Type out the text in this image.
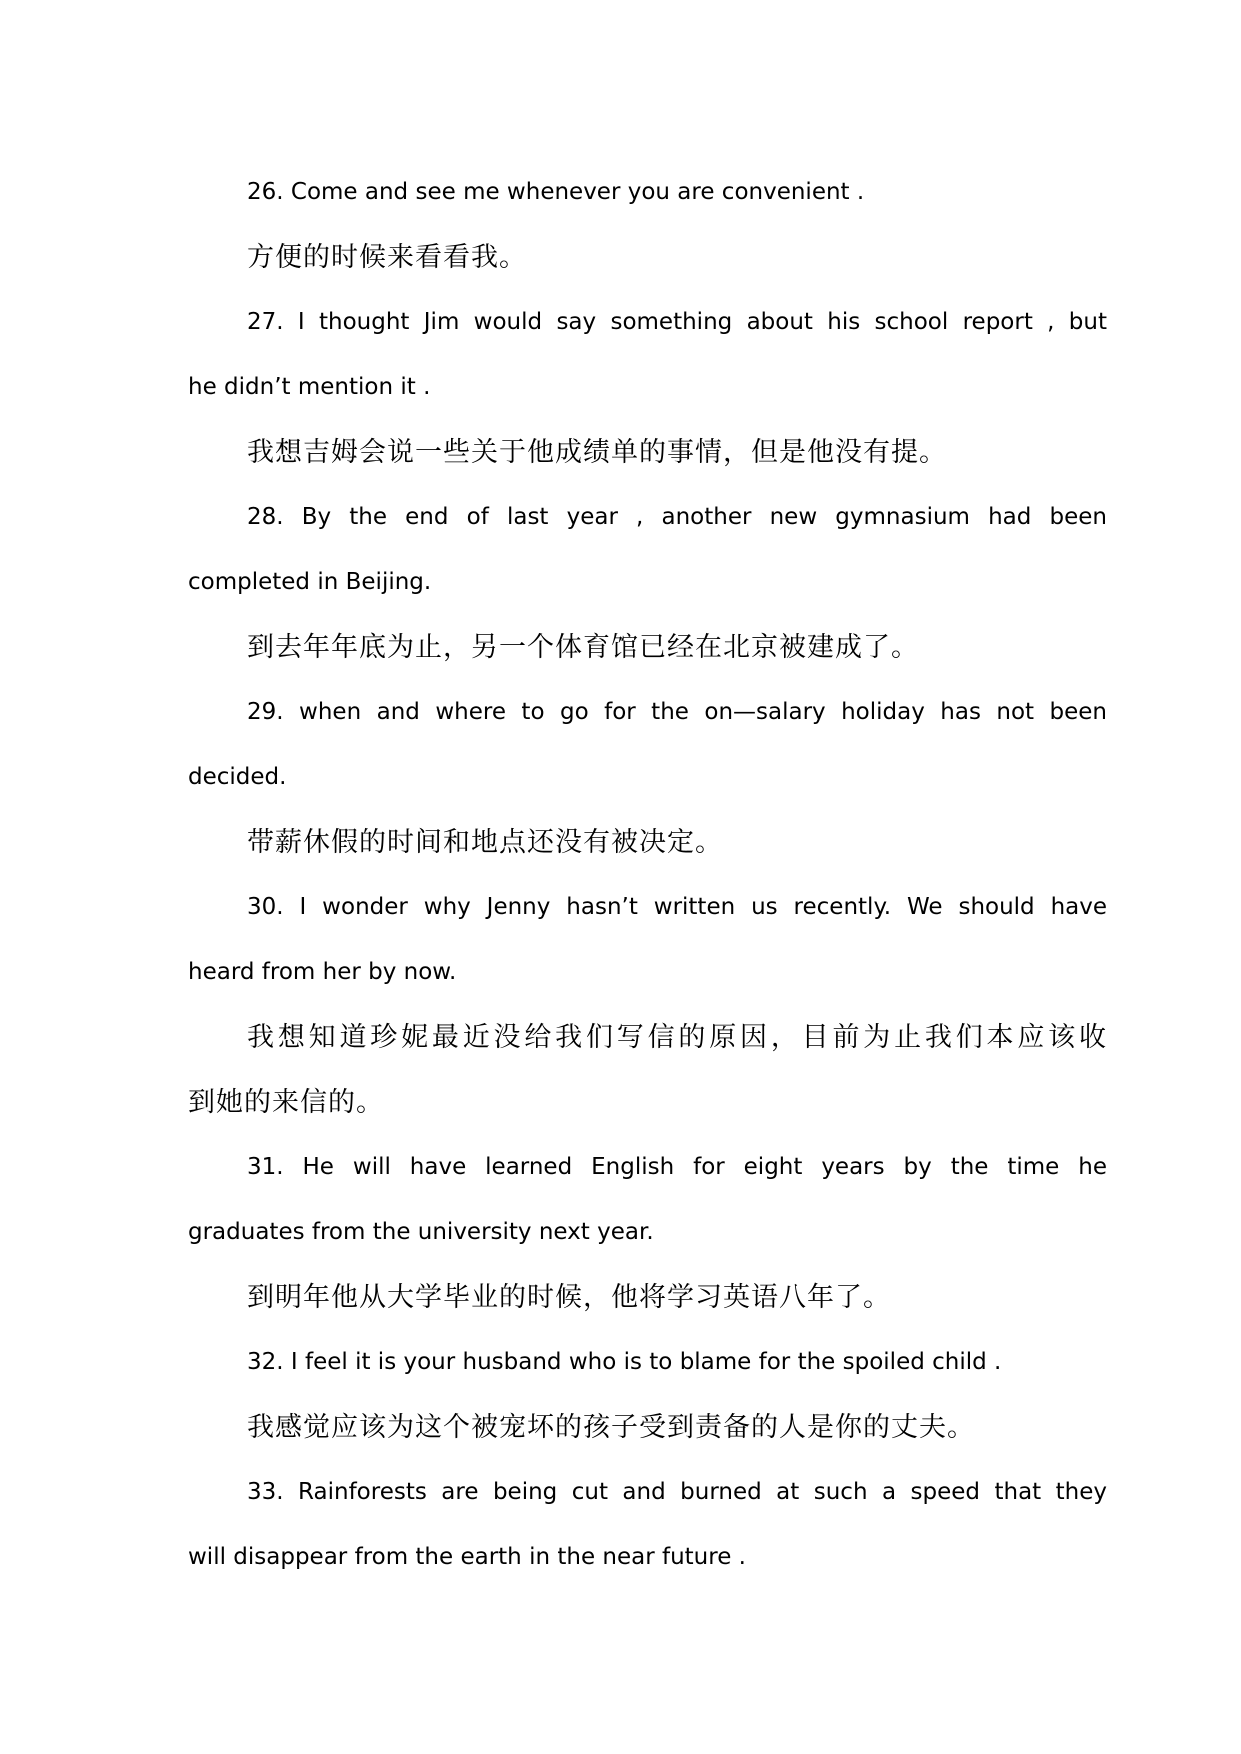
26. Come and see me whenever you are convenient .
方便的时候来看看我。
27. I thought Jim would say something about his school report , but
he didn’t mention it .
我想吉姆会说一些关于他成绩单的事情，但是他没有提。
28. By the end of last year , another new gymnasium had been
completed in Beijing.
到去年年底为止，另一个体育馆已经在北京被建成了。
29. when and where to go for the on—salary holiday has not been
decided.
带薪休假的时间和地点还没有被决定。
30. I wonder why Jenny hasn’t written us recently. We should have
heard from her by now.
我想知道珍妮最近没给我们写信的原因，目前为止我们本应该收
到她的来信的。
31. He will have learned English for eight years by the time he
graduates from the university next year.
到明年他从大学毕业的时候，他将学习英语八年了。
32. I feel it is your husband who is to blame for the spoiled child .
我感觉应该为这个被宠坏的孩子受到责备的人是你的丈夫。
33. Rainforests are being cut and burned at such a speed that they
will disappear from the earth in the near future .
